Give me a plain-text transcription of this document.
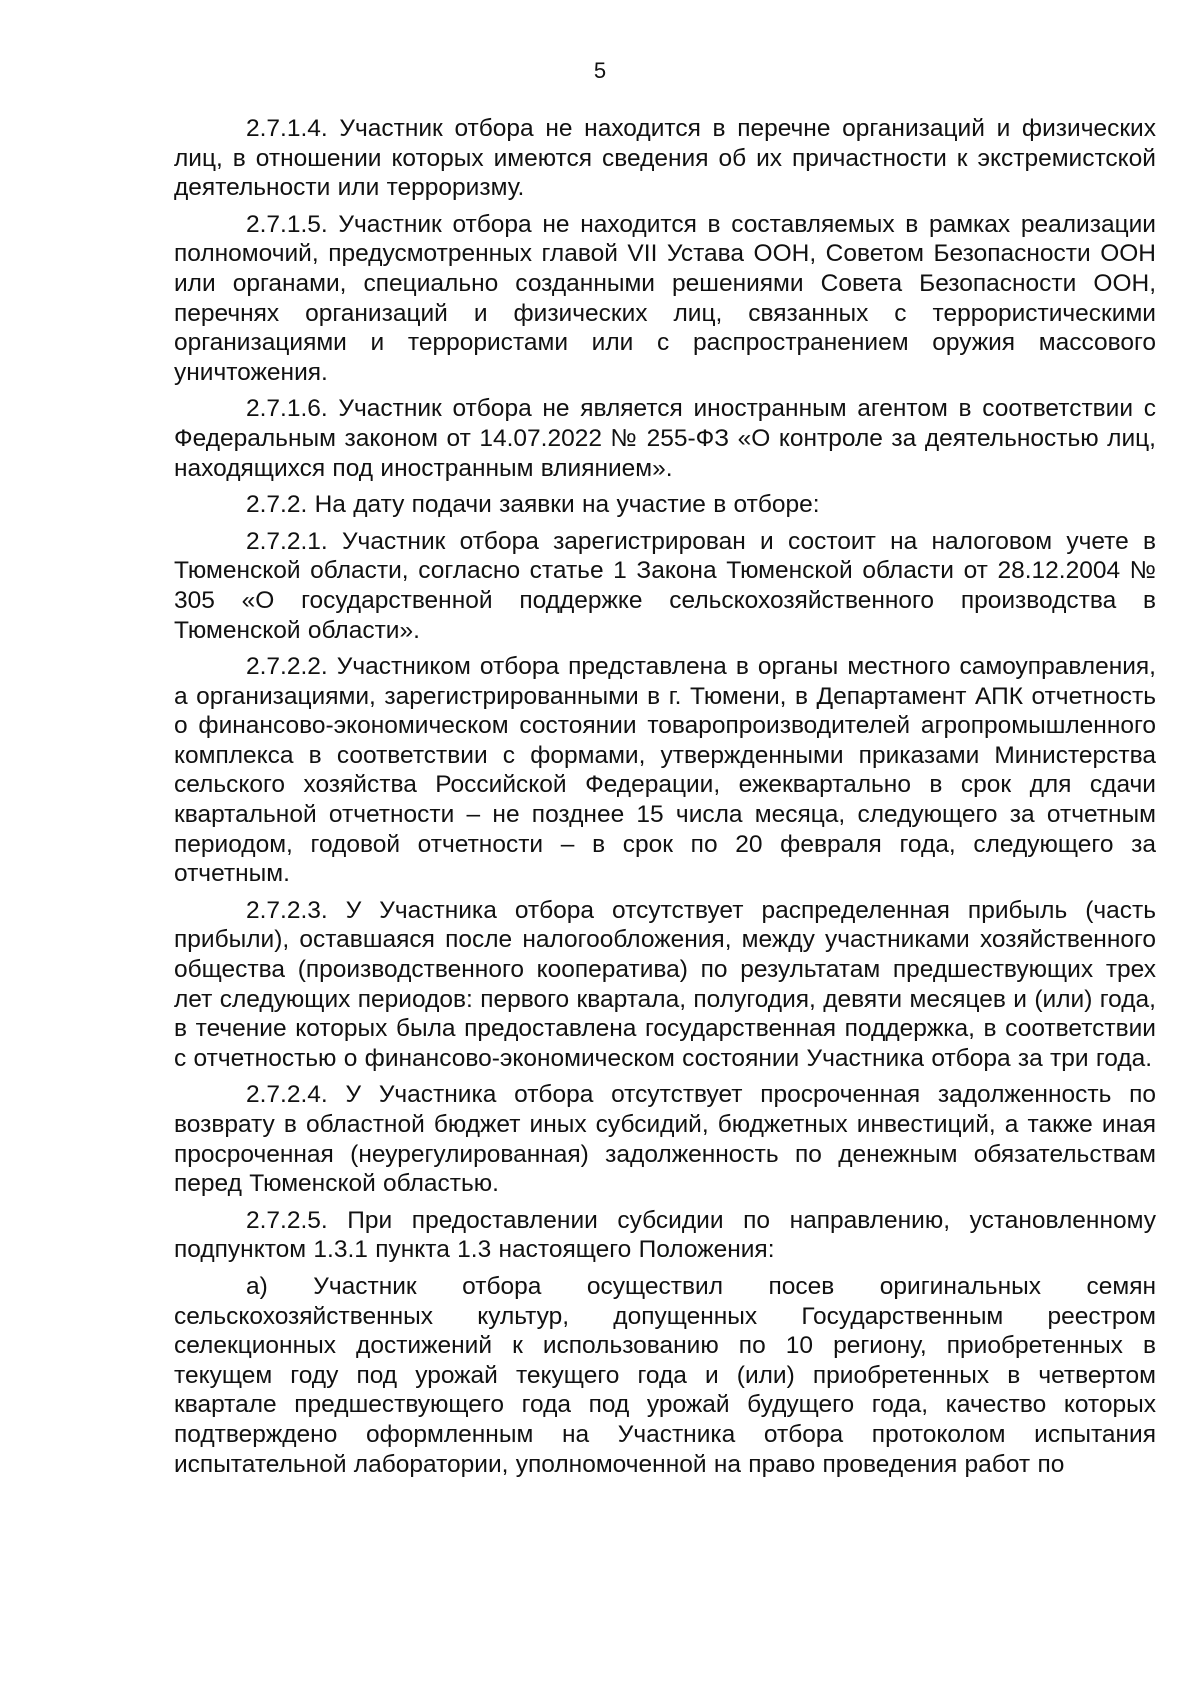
5

2.7.1.4. Участник отбора не находится в перечне организаций и физических лиц, в отношении которых имеются сведения об их причастности к экстремистской деятельности или терроризму.

2.7.1.5. Участник отбора не находится в составляемых в рамках реализации полномочий, предусмотренных главой VII Устава ООН, Советом Безопасности ООН или органами, специально созданными решениями Совета Безопасности ООН, перечнях организаций и физических лиц, связанных с террористическими организациями и террористами или с распространением оружия массового уничтожения.

2.7.1.6. Участник отбора не является иностранным агентом в соответствии с Федеральным законом от 14.07.2022 № 255-ФЗ «О контроле за деятельностью лиц, находящихся под иностранным влиянием».

2.7.2. На дату подачи заявки на участие в отборе:

2.7.2.1. Участник отбора зарегистрирован и состоит на налоговом учете в Тюменской области, согласно статье 1 Закона Тюменской области от 28.12.2004 № 305 «О государственной поддержке сельскохозяйственного производства в Тюменской области».

2.7.2.2. Участником отбора представлена в органы местного самоуправления, а организациями, зарегистрированными в г. Тюмени, в Департамент АПК отчетность о финансово-экономическом состоянии товаропроизводителей агропромышленного комплекса в соответствии с формами, утвержденными приказами Министерства сельского хозяйства Российской Федерации, ежеквартально в срок для сдачи квартальной отчетности – не позднее 15 числа месяца, следующего за отчетным периодом, годовой отчетности – в срок по 20 февраля года, следующего за отчетным.

2.7.2.3. У Участника отбора отсутствует распределенная прибыль (часть прибыли), оставшаяся после налогообложения, между участниками хозяйственного общества (производственного кооператива) по результатам предшествующих трех лет следующих периодов: первого квартала, полугодия, девяти месяцев и (или) года, в течение которых была предоставлена государственная поддержка, в соответствии с отчетностью о финансово-экономическом состоянии Участника отбора за три года.

2.7.2.4. У Участника отбора отсутствует просроченная задолженность по возврату в областной бюджет иных субсидий, бюджетных инвестиций, а также иная просроченная (неурегулированная) задолженность по денежным обязательствам перед Тюменской областью.

2.7.2.5. При предоставлении субсидии по направлению, установленному подпунктом 1.3.1 пункта 1.3 настоящего Положения:

а) Участник отбора осуществил посев оригинальных семян сельскохозяйственных культур, допущенных Государственным реестром селекционных достижений к использованию по 10 региону, приобретенных в текущем году под урожай текущего года и (или) приобретенных в четвертом квартале предшествующего года под урожай будущего года, качество которых подтверждено оформленным на Участника отбора протоколом испытания испытательной лаборатории, уполномоченной на право проведения работ по
